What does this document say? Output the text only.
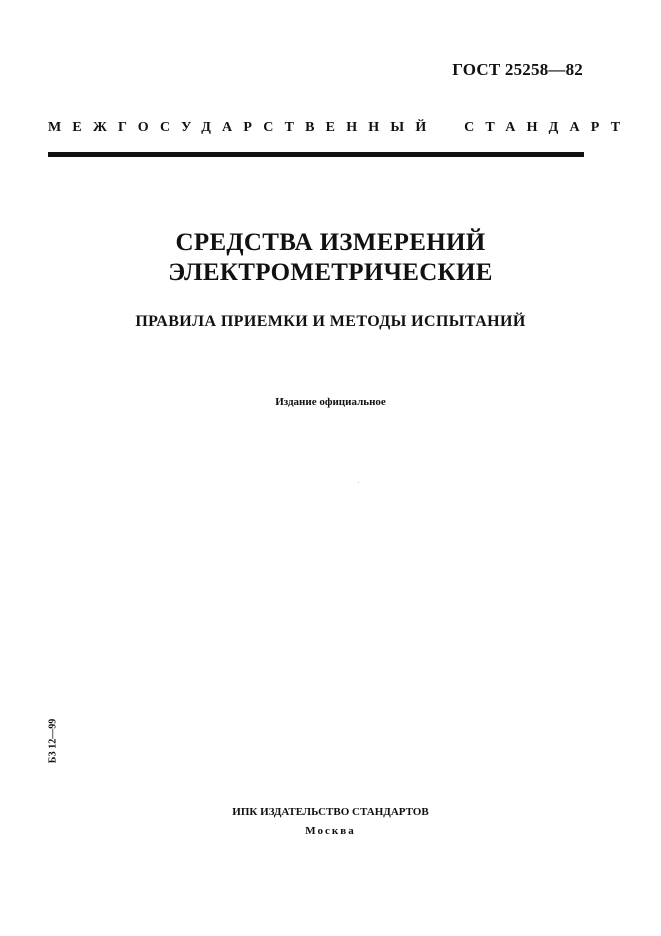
ГОСТ 25258—82
МЕЖГОСУДАРСТВЕННЫЙ СТАНДАРТ
СРЕДСТВА ИЗМЕРЕНИЙ
ЭЛЕКТРОМЕТРИЧЕСКИЕ
ПРАВИЛА ПРИЕМКИ И МЕТОДЫ ИСПЫТАНИЙ
Издание официальное
БЗ 12—99
ИПК ИЗДАТЕЛЬСТВО СТАНДАРТОВ
Москва
